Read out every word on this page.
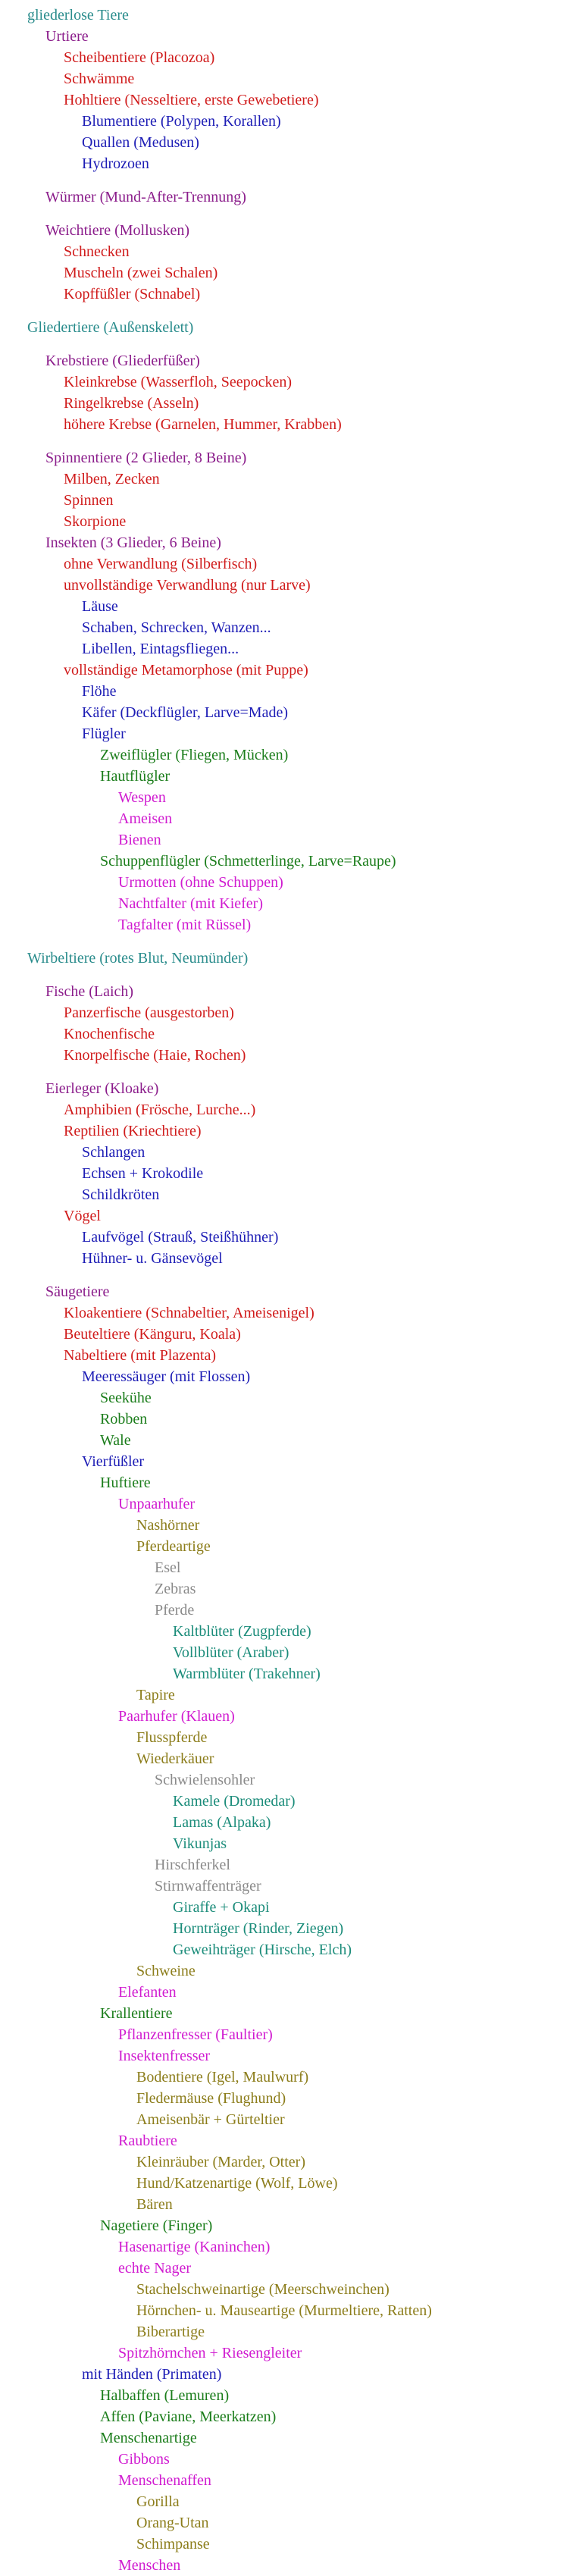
gliederlose Tiere
Urtiere
Scheibentiere (Placozoa)
Schwämme
Hohltiere (Nesseltiere, erste Gewebetiere)
Blumentiere (Polypen, Korallen)
Quallen (Medusen)
Hydrozoen
Würmer (Mund-After-Trennung)
Weichtiere (Mollusken)
Schnecken
Muscheln (zwei Schalen)
Kopffüßler (Schnabel)
Gliedertiere (Außenskelett)
Krebstiere (Gliederfüßer)
Kleinkrebse (Wasserfloh, Seepocken)
Ringelkrebse (Asseln)
höhere Krebse (Garnelen, Hummer, Krabben)
Spinnentiere (2 Glieder, 8 Beine)
Milben, Zecken
Spinnen
Skorpione
Insekten (3 Glieder, 6 Beine)
ohne Verwandlung (Silberfisch)
unvollständige Verwandlung (nur Larve)
Läuse
Schaben, Schrecken, Wanzen...
Libellen, Eintagsfliegen...
vollständige Metamorphose (mit Puppe)
Flöhe
Käfer (Deckflügler, Larve=Made)
Flügler
Zweiflügler (Fliegen, Mücken)
Hautflügler
Wespen
Ameisen
Bienen
Schuppenflügler (Schmetterlinge, Larve=Raupe)
Urmotten (ohne Schuppen)
Nachtfalter (mit Kiefer)
Tagfalter (mit Rüssel)
Wirbeltiere (rotes Blut, Neumünder)
Fische (Laich)
Panzerfische (ausgestorben)
Knochenfische
Knorpelfische (Haie, Rochen)
Eierleger (Kloake)
Amphibien (Frösche, Lurche...)
Reptilien (Kriechtiere)
Schlangen
Echsen + Krokodile
Schildkröten
Vögel
Laufvögel (Strauß, Steißhühner)
Hühner- u. Gänsevögel
Säugetiere
Kloakentiere (Schnabeltier, Ameisenigel)
Beuteltiere (Känguru, Koala)
Nabeltiere (mit Plazenta)
Meeressäuger (mit Flossen)
Seekühe
Robben
Wale
Vierfüßler
Huftiere
Unpaarhufer
Nashörner
Pferdeartige
Esel
Zebras
Pferde
Kaltblüter (Zugpferde)
Vollblüter (Araber)
Warmblüter (Trakehner)
Tapire
Paarhufer (Klauen)
Flusspferde
Wiederkäuer
Schwielensohler
Kamele (Dromedar)
Lamas (Alpaka)
Vikunjas
Hirschferkel
Stirnwaffenträger
Giraffe + Okapi
Hornträger (Rinder, Ziegen)
Geweihträger (Hirsche, Elch)
Schweine
Elefanten
Krallentiere
Pflanzenfresser (Faultier)
Insektenfresser
Bodentiere (Igel, Maulwurf)
Fledermäuse (Flughund)
Ameisenbär + Gürteltier
Raubtiere
Kleinräuber (Marder, Otter)
Hund/Katzenartige (Wolf, Löwe)
Bären
Nagetiere (Finger)
Hasenartige (Kaninchen)
echte Nager
Stachelschweinartige (Meerschweinchen)
Hörnchen- u. Mauseartige (Murmeltiere, Ratten)
Biberartige
Spitzhörnchen + Riesengleiter
mit Händen (Primaten)
Halbaffen (Lemuren)
Affen (Paviane, Meerkatzen)
Menschenartige
Gibbons
Menschenaffen
Gorilla
Orang-Utan
Schimpanse
Menschen
